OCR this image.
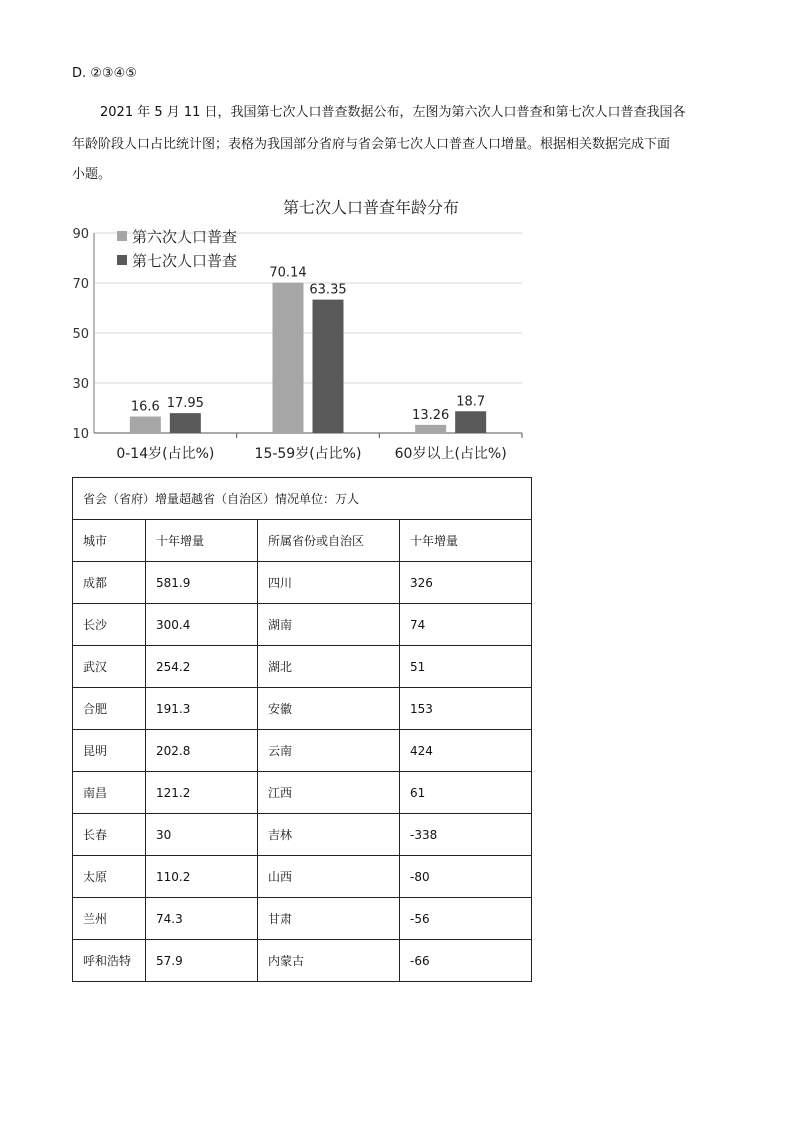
D. ②③④⑤
2021 年 5 月 11 日，我国第七次人口普查数据公布，左图为第六次人口普查和第七次人口普查我国各
年龄阶段人口占比统计图；表格为我国部分省府与省会第七次人口普查人口增量。根据相关数据完成下面
小题。
第七次人口普查年龄分布
10
30
50
70
90
16.6 17.95
0-14岁(占比%)
70.14
63.35
15-59岁(占比%)
13.26
18.7
60岁以上(占比%)
第六次人口普查
第七次人口普查
省会（省府）增量超越省（自治区）情况单位：万人			
城市	十年增量	所属省份或自治区	十年增量
成都	581.9	四川	326
长沙	300.4	湖南	74
武汉	254.2	湖北	51
合肥	191.3	安徽	153
昆明	202.8	云南	424
南昌	121.2	江西	61
长春	30	吉林	-338
太原	110.2	山西	-80
兰州	74.3	甘肃	-56
呼和浩特	57.9	内蒙古	-66
